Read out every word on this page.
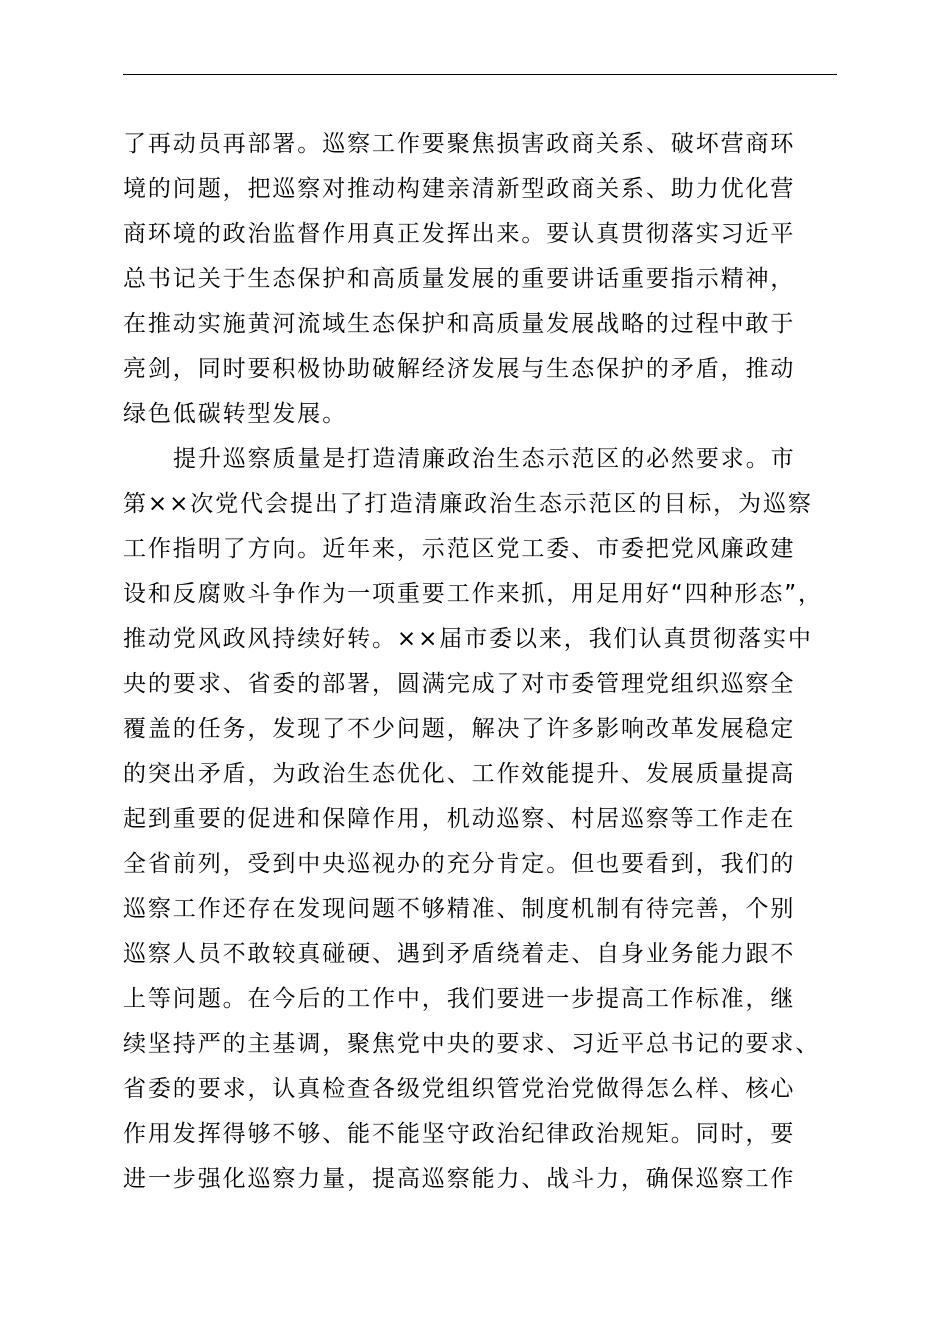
了再动员再部署。巡察工作要聚焦损害政商关系、破坏营商环
境的问题，把巡察对推动构建亲清新型政商关系、助力优化营
商环境的政治监督作用真正发挥出来。要认真贯彻落实习近平
总书记关于生态保护和高质量发展的重要讲话重要指示精神，
在推动实施黄河流域生态保护和高质量发展战略的过程中敢于
亮剑，同时要积极协助破解经济发展与生态保护的矛盾，推动
绿色低碳转型发展。
提升巡察质量是打造清廉政治生态示范区的必然要求。市
第××次党代会提出了打造清廉政治生态示范区的目标，为巡察
工作指明了方向。近年来，示范区党工委、市委把党风廉政建
设和反腐败斗争作为一项重要工作来抓，用足用好“四种形态”，
推动党风政风持续好转。××届市委以来，我们认真贯彻落实中
央的要求、省委的部署，圆满完成了对市委管理党组织巡察全
覆盖的任务，发现了不少问题，解决了许多影响改革发展稳定
的突出矛盾，为政治生态优化、工作效能提升、发展质量提高
起到重要的促进和保障作用，机动巡察、村居巡察等工作走在
全省前列，受到中央巡视办的充分肯定。但也要看到，我们的
巡察工作还存在发现问题不够精准、制度机制有待完善，个别
巡察人员不敢较真碰硬、遇到矛盾绕着走、自身业务能力跟不
上等问题。在今后的工作中，我们要进一步提高工作标准，继
续坚持严的主基调，聚焦党中央的要求、习近平总书记的要求、
省委的要求，认真检查各级党组织管党治党做得怎么样、核心
作用发挥得够不够、能不能坚守政治纪律政治规矩。同时，要
进一步强化巡察力量，提高巡察能力、战斗力，确保巡察工作
